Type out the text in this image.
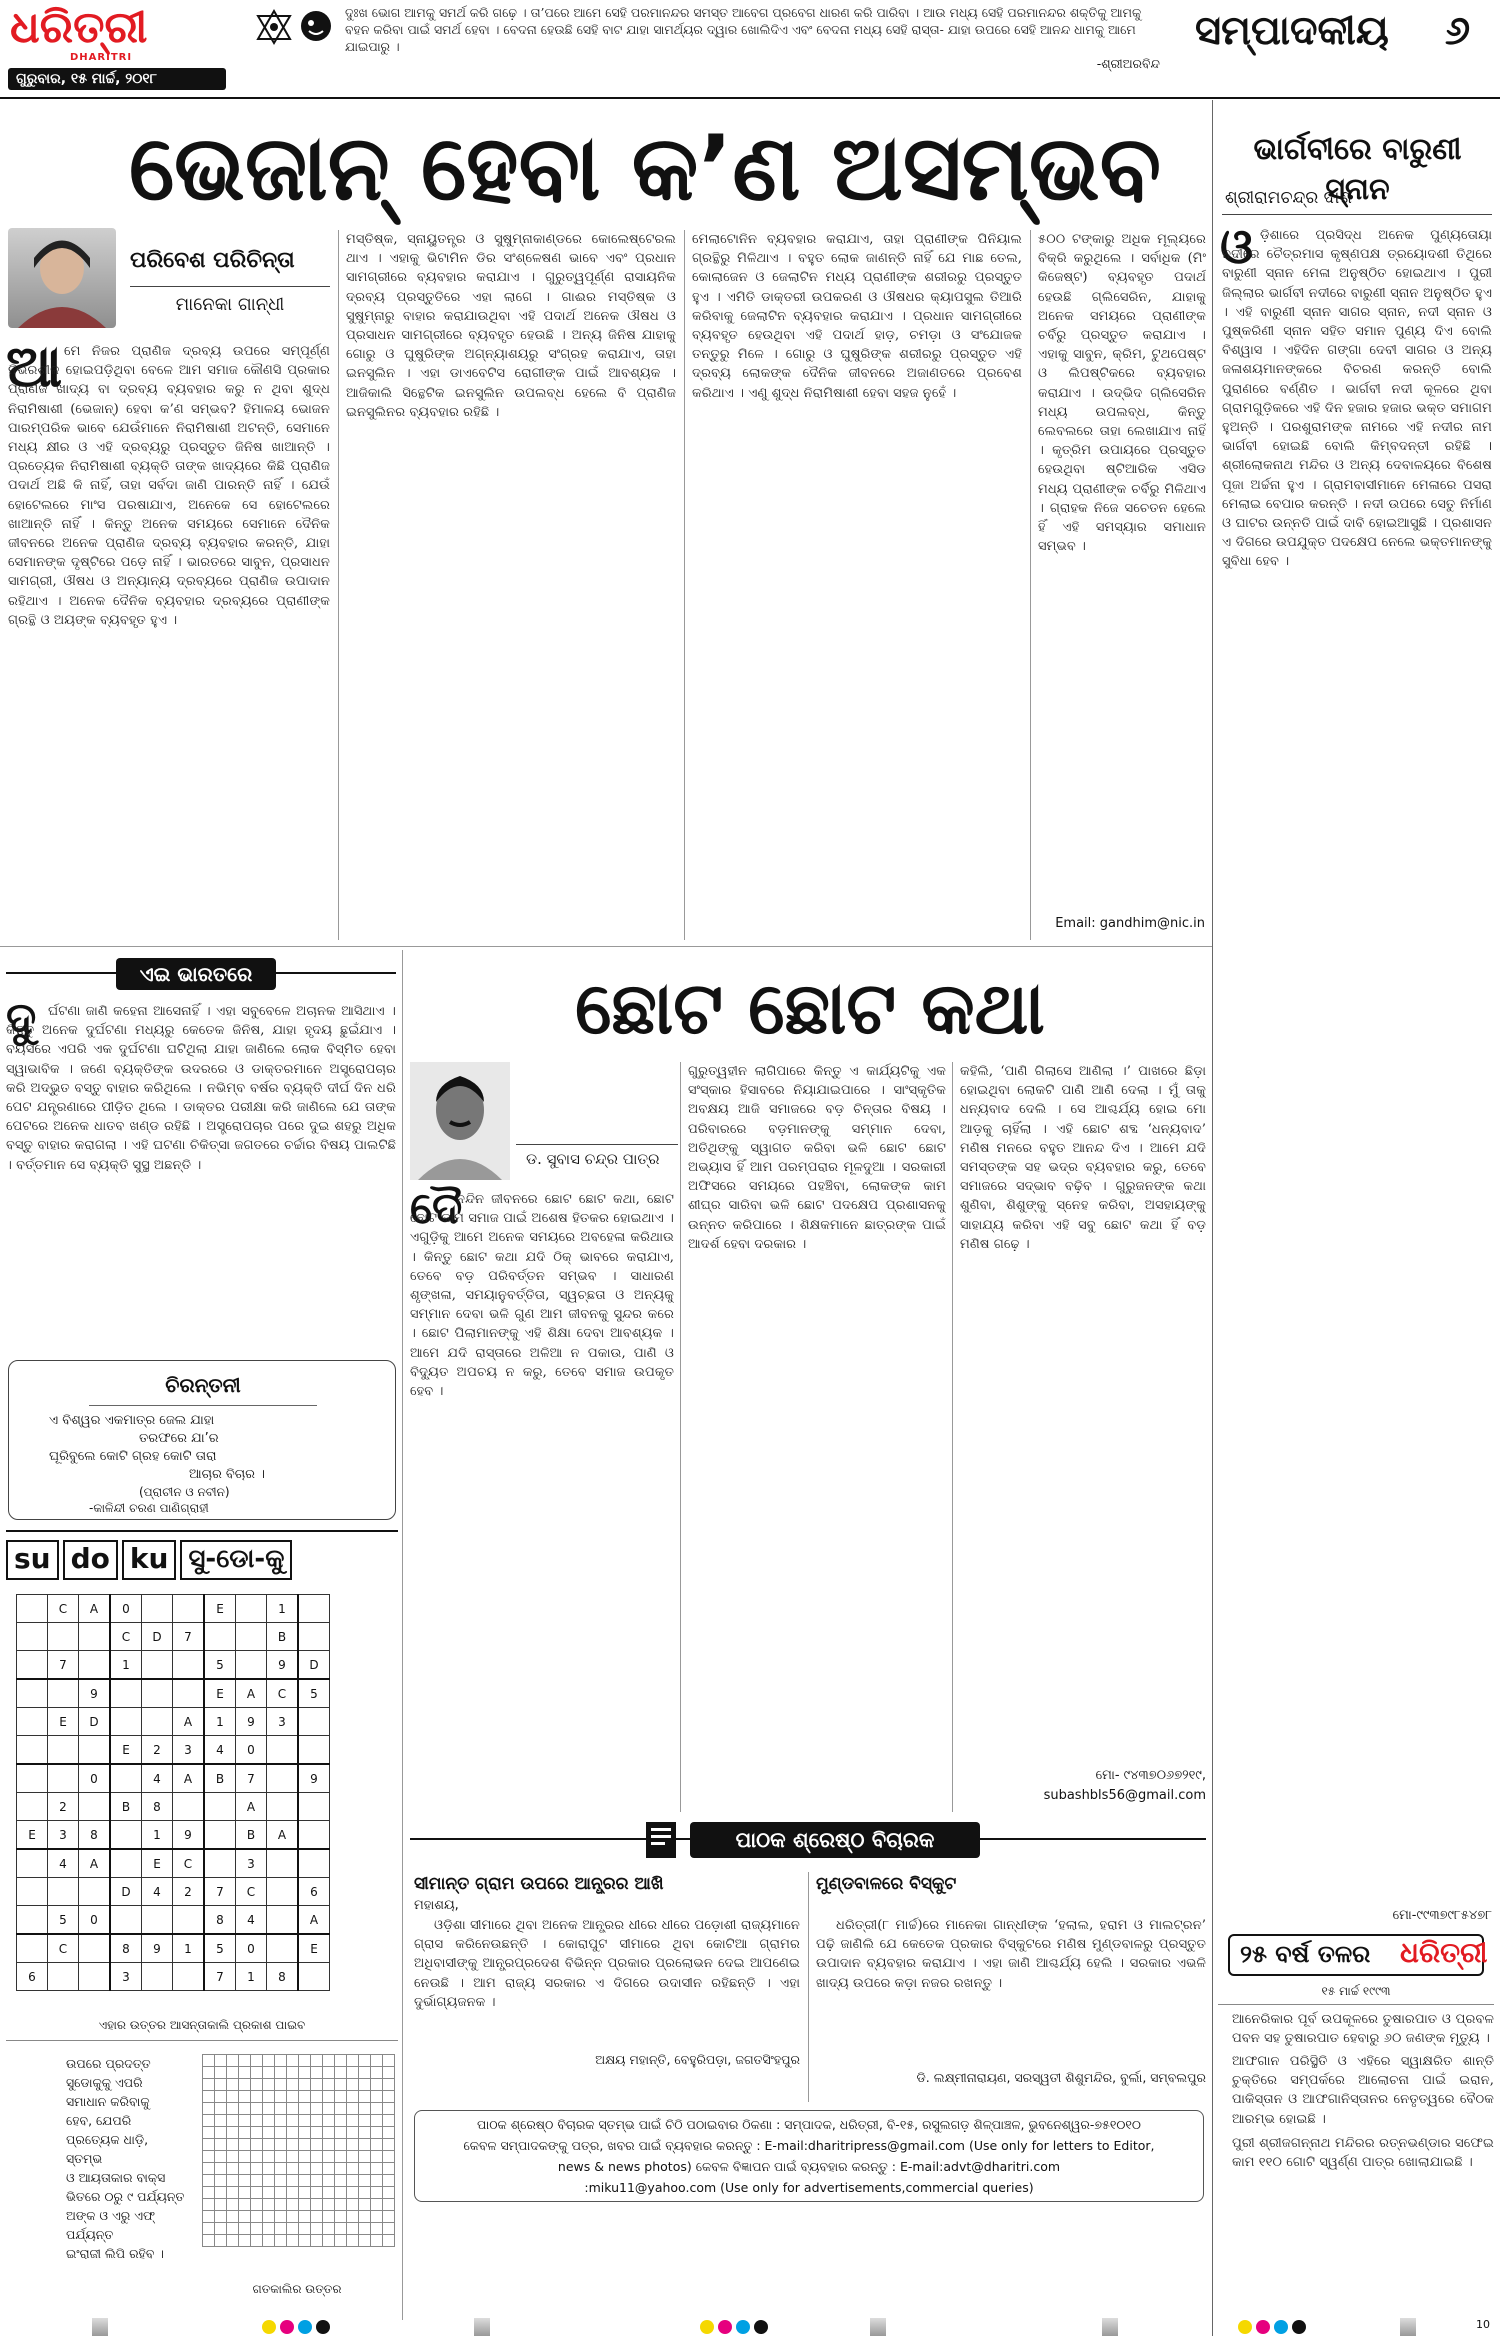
ଧରିତ୍ରୀ
DHARITRI
ଗୁରୁବାର, ୧୫ ମାର୍ଚ୍ଚ, ୨୦୧୮
ଦୁଃଖ ଭୋଗ ଆମକୁ ସମର୍ଥ କରି ଗଢ଼େ । ତା’ପରେ ଆମେ ସେହି ପରମାନନ୍ଦର ସମସ୍ତ ଆବେଗ ପ୍ରବେଗ ଧାରଣ କରି ପାରିବା । ଆଉ ମଧ୍ୟ ସେହି ପରମାନନ୍ଦର ଶକ୍ତିକୁ ଆମକୁ ବହନ କରିବା ପାଇଁ ସମର୍ଥ ହେବା । ବେଦନା ହେଉଛି ସେହି ବାଟ ଯାହା ସାମର୍ଥ୍ୟର ଦ୍ୱାର ଖୋଲିଦିଏ ଏବଂ ବେଦନା ମଧ୍ୟ ସେହି ରାସ୍ତା- ଯାହା ଉପରେ ସେହି ଆନନ୍ଦ ଧାମକୁ ଆମେ ଯାଇପାରୁ ।
-ଶ୍ରୀଅରବିନ୍ଦ
ସମ୍ପାଦକୀୟ ୬
ଭେଜାନ୍ ହେବା କ’ଣ ଅସମ୍ଭବ
ପରିବେଶ ପରିଚିନ୍ତା
ମାନେକା ଗାନ୍ଧୀ
ଆ ମେ ନିଜର ପ୍ରାଣିଜ ଦ୍ରବ୍ୟ ଉପରେ ସମ୍ପୂର୍ଣ୍ଣ ନିର୍ଭରଶୀଳ ହୋଇପଡ଼ିଥିବା ବେଳେ ଆମ ସମାଜ କୌଣସି ପ୍ରକାର ପ୍ରାଣିଜ ଖାଦ୍ୟ ବା ଦ୍ରବ୍ୟ ବ୍ୟବହାର କରୁ ନ ଥିବା ଶୁଦ୍ଧ ନିରାମିଷାଶୀ (ଭେଜାନ୍) ହେବା କ’ଣ ସମ୍ଭବ? ହିମାଳୟ ଭୋଜନ ପାରମ୍ପରିକ ଭାବେ ଯେଉଁମାନେ ନିରାମିଷାଶୀ ଅଟନ୍ତି, ସେମାନେ ମଧ୍ୟ କ୍ଷୀର ଓ ଏହି ଦ୍ରବ୍ୟରୁ ପ୍ରସ୍ତୁତ ଜିନିଷ ଖାଆନ୍ତି । ପ୍ରତ୍ୟେକ ନିରାମିଷାଶୀ ବ୍ୟକ୍ତି ତାଙ୍କ ଖାଦ୍ୟରେ କିଛି ପ୍ରାଣିଜ ପଦାର୍ଥ ଅଛି କି ନାହିଁ, ତାହା ସର୍ବଦା ଜାଣି ପାରନ୍ତି ନାହିଁ । ଯେଉଁ ହୋଟେଲରେ ମାଂସ ପରଷାଯାଏ, ଅନେକେ ସେ ହୋଟେଲରେ ଖାଆନ୍ତି ନାହିଁ । କିନ୍ତୁ ଅନେକ ସମୟରେ ସେମାନେ ଦୈନିକ ଜୀବନରେ ଅନେକ ପ୍ରାଣିଜ ଦ୍ରବ୍ୟ ବ୍ୟବହାର କରନ୍ତି, ଯାହା ସେମାନଙ୍କ ଦୃଷ୍ଟିରେ ପଡ଼େ ନାହିଁ । ଭାରତରେ ସାବୁନ, ପ୍ରସାଧନ ସାମଗ୍ରୀ, ଔଷଧ ଓ ଅନ୍ୟାନ୍ୟ ଦ୍ରବ୍ୟରେ ପ୍ରାଣିଜ ଉପାଦାନ ରହିଥାଏ । ଅନେକ ଦୈନିକ ବ୍ୟବହାର ଦ୍ରବ୍ୟରେ ପ୍ରାଣୀଙ୍କ ଗ୍ରନ୍ଥି ଓ ଅୟଙ୍କ ବ୍ୟବହୃତ ହୁଏ ।
ମସ୍ତିଷ୍କ, ସ୍ନାୟୁତନ୍ତ୍ର ଓ ସୁଷୁମ୍ନାକାଣ୍ଡରେ କୋଲେଷ୍ଟେରଲ ଥାଏ । ଏହାକୁ ଭିଟାମିନ ଡିର ସଂଶ୍ଳେଷଣ ଭାବେ ଏବଂ ପ୍ରଧାନ ସାମଗ୍ରୀରେ ବ୍ୟବହାର କରାଯାଏ । ଗୁରୁତ୍ୱପୂର୍ଣ୍ଣ ରାସାୟନିକ ଦ୍ରବ୍ୟ ପ୍ରସ୍ତୁତିରେ ଏହା ଲାଗେ । ଗାଈର ମସ୍ତିଷ୍କ ଓ ସୁଷୁମ୍ନାରୁ ବାହାର କରାଯାଉଥିବା ଏହି ପଦାର୍ଥ ଅନେକ ଔଷଧ ଓ ପ୍ରସାଧନ ସାମଗ୍ରୀରେ ବ୍ୟବହୃତ ହେଉଛି । ଅନ୍ୟ ଜିନିଷ ଯାହାକୁ ଗୋରୁ ଓ ଘୁଷୁରିଙ୍କ ଅଗ୍ନ୍ୟାଶୟରୁ ସଂଗ୍ରହ କରାଯାଏ, ତାହା ଇନସୁଲିନ । ଏହା ଡାଏବେଟିସ ରୋଗୀଙ୍କ ପାଇଁ ଆବଶ୍ୟକ । ଆଜିକାଲି ସିନ୍ଥେଟିକ ଇନସୁଲିନ ଉପଲବ୍ଧ ହେଲେ ବି ପ୍ରାଣିଜ ଇନସୁଲିନର ବ୍ୟବହାର ରହିଛି ।
ମେଲାଟୋନିନ ବ୍ୟବହାର କରାଯାଏ, ତାହା ପ୍ରାଣୀଙ୍କ ପିନିୟାଲ ଗ୍ରନ୍ଥିରୁ ମିଳିଥାଏ । ବହୁତ ଲୋକ ଜାଣନ୍ତି ନାହିଁ ଯେ ମାଛ ତେଲ, କୋଲାଜେନ ଓ ଜେଲାଟିନ ମଧ୍ୟ ପ୍ରାଣୀଙ୍କ ଶରୀରରୁ ପ୍ରସ୍ତୁତ ହୁଏ । ଏମିତି ଡାକ୍ତରୀ ଉପକରଣ ଓ ଔଷଧର କ୍ୟାପସୁଲ ତିଆରି କରିବାକୁ ଜେଲାଟିନ ବ୍ୟବହାର କରାଯାଏ । ପ୍ରଧାନ ସାମଗ୍ରୀରେ ବ୍ୟବହୃତ ହେଉଥିବା ଏହି ପଦାର୍ଥ ହାଡ଼, ଚମଡ଼ା ଓ ସଂଯୋଜକ ତନ୍ତୁରୁ ମିଳେ । ଗୋରୁ ଓ ଘୁଷୁରିଙ୍କ ଶରୀରରୁ ପ୍ରସ୍ତୁତ ଏହି ଦ୍ରବ୍ୟ ଲୋକଙ୍କ ଦୈନିକ ଜୀବନରେ ଅଜାଣତରେ ପ୍ରବେଶ କରିଥାଏ । ଏଣୁ ଶୁଦ୍ଧ ନିରାମିଷାଶୀ ହେବା ସହଜ ନୁହେଁ ।
୫୦୦ ଟଙ୍କାରୁ ଅଧିକ ମୂଲ୍ୟରେ ବିକ୍ରି କରୁଥିଲେ । ସର୍ବାଧିକ (ମିଂ କିଜେଷ୍ଟ) ବ୍ୟବହୃତ ପଦାର୍ଥ ହେଉଛି ଗ୍ଲିସେରିନ, ଯାହାକୁ ଅନେକ ସମୟରେ ପ୍ରାଣୀଙ୍କ ଚର୍ବିରୁ ପ୍ରସ୍ତୁତ କରାଯାଏ । ଏହାକୁ ସାବୁନ, କ୍ରିମ, ଟୁଥପେଷ୍ଟ ଓ ଲିପଷ୍ଟିକରେ ବ୍ୟବହାର କରାଯାଏ । ଉଦ୍ଭିଦ ଗ୍ଲିସେରିନ ମଧ୍ୟ ଉପଲବ୍ଧ, କିନ୍ତୁ ଲେବଲରେ ତାହା ଲେଖାଯାଏ ନାହିଁ । କୃତ୍ରିମ ଉପାୟରେ ପ୍ରସ୍ତୁତ ହେଉଥିବା ଷ୍ଟିଆରିକ ଏସିଡ ମଧ୍ୟ ପ୍ରାଣୀଙ୍କ ଚର୍ବିରୁ ମିଳିଥାଏ । ଗ୍ରାହକ ନିଜେ ସଚେତନ ହେଲେ ହିଁ ଏହି ସମସ୍ୟାର ସମାଧାନ ସମ୍ଭବ ।
Email: gandhim@nic.in
ଭାର୍ଗବୀରେ ବାରୁଣୀ ସ୍ନାନ
ଶ୍ରୀରାମଚନ୍ଦ୍ର ଦାଶ
ଓ ଡ଼ିଶାରେ ପ୍ରସିଦ୍ଧ ଅନେକ ପୁଣ୍ୟତୋୟା ନଦୀରେ ଚୈତ୍ରମାସ କୃଷ୍ଣପକ୍ଷ ତ୍ରୟୋଦଶୀ ତିଥିରେ ବାରୁଣୀ ସ୍ନାନ ମେଳା ଅନୁଷ୍ଠିତ ହୋଇଥାଏ । ପୁରୀ ଜିଲ୍ଲାର ଭାର୍ଗବୀ ନଦୀରେ ବାରୁଣୀ ସ୍ନାନ ଅନୁଷ୍ଠିତ ହୁଏ । ଏହି ବାରୁଣୀ ସ୍ନାନ ସାଗର ସ୍ନାନ, ନଦୀ ସ୍ନାନ ଓ ପୁଷ୍କରିଣୀ ସ୍ନାନ ସହିତ ସମାନ ପୁଣ୍ୟ ଦିଏ ବୋଲି ବିଶ୍ୱାସ । ଏହିଦିନ ଗଙ୍ଗା ଦେବୀ ସାଗର ଓ ଅନ୍ୟ ଜଳାଶୟମାନଙ୍କରେ ବିଚରଣ କରନ୍ତି ବୋଲି ପୁରାଣରେ ବର୍ଣ୍ଣିତ । ଭାର୍ଗବୀ ନଦୀ କୂଳରେ ଥିବା ଗ୍ରାମଗୁଡ଼ିକରେ ଏହି ଦିନ ହଜାର ହଜାର ଭକ୍ତ ସମାଗମ ହୁଅନ୍ତି । ପରଶୁରାମଙ୍କ ନାମରେ ଏହି ନଦୀର ନାମ ଭାର୍ଗବୀ ହୋଇଛି ବୋଲି କିମ୍ବଦନ୍ତୀ ରହିଛି । ଶ୍ରୀଲୋକନାଥ ମନ୍ଦିର ଓ ଅନ୍ୟ ଦେବାଳୟରେ ବିଶେଷ ପୂଜା ଅର୍ଚ୍ଚନା ହୁଏ । ଗ୍ରାମବାସୀମାନେ ମେଳାରେ ପସରା ମେଲାଇ ବେପାର କରନ୍ତି । ନଦୀ ଉପରେ ସେତୁ ନିର୍ମାଣ ଓ ଘାଟର ଉନ୍ନତି ପାଇଁ ଦାବି ହୋଇଆସୁଛି । ପ୍ରଶାସନ ଏ ଦିଗରେ ଉପଯୁକ୍ତ ପଦକ୍ଷେପ ନେଲେ ଭକ୍ତମାନଙ୍କୁ ସୁବିଧା ହେବ ।
ମୋ-୯୯୩୭୯୮୫୪୭୮
୨୫ ବର୍ଷ ତଳର ଧରିତ୍ରୀ
୧୫ ମାର୍ଚ୍ଚ ୧୯୯୩
ଆନେରିକାର ପୂର୍ବ ଉପକୂଳରେ ତୁଷାରପାତ ଓ ପ୍ରବଳ ପବନ ସହ ତୁଷାରପାତ ହେବାରୁ ୬୦ ଜଣଙ୍କ ମୃତ୍ୟୁ ।
ଆଫଗାନ ପରିସ୍ଥିତି ଓ ଏହିରେ ସ୍ୱାକ୍ଷରିତ ଶାନ୍ତି ଚୁକ୍ତିରେ ସମ୍ପର୍କରେ ଆଲୋଚନା ପାଇଁ ଇରାନ, ପାକିସ୍ତାନ ଓ ଆଫଗାନିସ୍ତାନର ନେତୃତ୍ୱରେ ବୈଠକ ଆରମ୍ଭ ହୋଇଛି ।
ପୁରୀ ଶ୍ରୀଜଗନ୍ନାଥ ମନ୍ଦିରର ରତ୍ନଭଣ୍ଡାର ସଫେଇ କାମ ୧୧୦ ଗୋଟି ସ୍ୱର୍ଣ୍ଣ ପାତ୍ର ଖୋଲାଯାଇଛି ।
ଏଇ ଭାରତରେ
ଦୁ ର୍ଘଟଣା ଜାଣି କହେନା ଆସେନାହିଁ । ଏହା ସବୁବେଳେ ଅଚାନକ ଆସିଥାଏ । କିନ୍ତୁ ଅନେକ ଦୁର୍ଘଟଣା ମଧ୍ୟରୁ କେତେକ ଜିନିଷ, ଯାହା ହୃଦୟ ଛୁଇଁଯାଏ । ବୟସରେ ଏପରି ଏକ ଦୁର୍ଘଟଣା ଘଟିଥିଲା ଯାହା ଜାଣିଲେ ଲୋକ ବିସ୍ମିତ ହେବା ସ୍ୱାଭାବିକ । ଜଣେ ବ୍ୟକ୍ତିଙ୍କ ଉଦରରେ ଓ ଡାକ୍ତରମାନେ ଅସ୍ତ୍ରୋପଚାର କରି ଅଦ୍ଭୁତ ବସ୍ତୁ ବାହାର କରିଥିଲେ । ନଭିମ୍ବ ବର୍ଷର ବ୍ୟକ୍ତି ଦୀର୍ଘ ଦିନ ଧରି ପେଟ ଯନ୍ତ୍ରଣାରେ ପୀଡ଼ିତ ଥିଲେ । ଡାକ୍ତର ପରୀକ୍ଷା କରି ଜାଣିଲେ ଯେ ତାଙ୍କ ପେଟରେ ଅନେକ ଧାତବ ଖଣ୍ଡ ରହିଛି । ଅସ୍ତ୍ରୋପଚାର ପରେ ଦୁଇ ଶହରୁ ଅଧିକ ବସ୍ତୁ ବାହାର କରାଗଲା । ଏହି ଘଟଣା ଚିକିତ୍ସା ଜଗତରେ ଚର୍ଚ୍ଚାର ବିଷୟ ପାଲଟିଛି । ବର୍ତ୍ତମାନ ସେ ବ୍ୟକ୍ତି ସୁସ୍ଥ ଅଛନ୍ତି ।
ଚିରନ୍ତନୀ
ଏ ବିଶ୍ୱର ଏକମାତ୍ର ଜେଲ ଯାହା
ତରଫରେ ଯା’ର
ଘୂରିବୁଲେ କୋଟି ଗ୍ରହ କୋଟି ତାରା
ଆଚାର ବିଚାର ।
(ପ୍ରାଚୀନ ଓ ନବୀନ)
-କାଳିନ୍ଦୀ ଚରଣ ପାଣିଗ୍ରାହୀ
su do ku ସୁ-ଡୋ-କୁ
	C	A	0			E		1	
			C	D	7			B	
	7		1			5		9	D
		9				E	A	C	5
	E	D			A	1	9	3	
			E	2	3	4	0		
		0		4	A	B	7		9
	2		B	8			A		
E	3	8		1	9		B	A	
	4	A		E	C		3		
			D	4	2	7	C		6
	5	0				8	4		A
	C		8	9	1	5	0		E
6			3			7	1	8	
ଏହାର ଉତ୍ତର ଆସନ୍ତାକାଲି ପ୍ରକାଶ ପାଇବ
ଉପରେ ପ୍ରଦତ୍ତ
ସୁଡୋକୁକୁ ଏପରି
ସମାଧାନ କରିବାକୁ
ହେବ, ଯେପରି
ପ୍ରତ୍ୟେକ ଧାଡ଼ି, ସ୍ତମ୍ଭ
ଓ ଆୟତାକାର ବାକ୍ସ
ଭିତରେ ୦ରୁ ୯ ପର୍ଯ୍ୟନ୍ତ
ଅଙ୍କ ଓ ଏରୁ ଏଫ୍ ପର୍ଯ୍ୟନ୍ତ
ଇଂରାଜୀ ଲିପି ରହିବ ।

ଗତକାଲିର ଉତ୍ତର
ଛୋଟ ଛୋଟ କଥା
ଡ. ସୁବାସ ଚନ୍ଦ୍ର ପାତ୍ର
ଦୈ
ନନ୍ଦିନ ଜୀବନରେ ଛୋଟ ଛୋଟ କଥା, ଛୋଟ ଛୋଟ କାମ ସମାଜ ପାଇଁ ଅଶେଷ ହିତକର ହୋଇଥାଏ । ଏଗୁଡ଼ିକୁ ଆମେ ଅନେକ ସମୟରେ ଅବହେଳା କରିଥାଉ । କିନ୍ତୁ ଛୋଟ କଥା ଯଦି ଠିକ୍ ଭାବରେ କରାଯାଏ, ତେବେ ବଡ଼ ପରିବର୍ତ୍ତନ ସମ୍ଭବ । ସାଧାରଣ ଶୃଙ୍ଖଳା, ସମୟାନୁବର୍ତ୍ତିତା, ସ୍ୱଚ୍ଛତା ଓ ଅନ୍ୟକୁ ସମ୍ମାନ ଦେବା ଭଳି ଗୁଣ ଆମ ଜୀବନକୁ ସୁନ୍ଦର କରେ । ଛୋଟ ପିଲାମାନଙ୍କୁ ଏହି ଶିକ୍ଷା ଦେବା ଆବଶ୍ୟକ । ଆମେ ଯଦି ରାସ୍ତାରେ ଅଳିଆ ନ ପକାଉ, ପାଣି ଓ ବିଦ୍ୟୁତ ଅପଚୟ ନ କରୁ, ତେବେ ସମାଜ ଉପକୃତ ହେବ ।
ଗୁରୁତ୍ୱହୀନ ଲାଗିପାରେ କିନ୍ତୁ ଏ କାର୍ଯ୍ୟଟିକୁ ଏକ ସଂସ୍କାର ହିସାବରେ ନିୟାଯାଇପାରେ । ସାଂସ୍କୃତିକ ଅବକ୍ଷୟ ଆଜି ସମାଜରେ ବଡ଼ ଚିନ୍ତାର ବିଷୟ । ପରିବାରରେ ବଡ଼ମାନଙ୍କୁ ସମ୍ମାନ ଦେବା, ଅତିଥିଙ୍କୁ ସ୍ୱାଗତ କରିବା ଭଳି ଛୋଟ ଛୋଟ ଅଭ୍ୟାସ ହିଁ ଆମ ପରମ୍ପରାର ମୂଳଦୁଆ । ସରକାରୀ ଅଫିସରେ ସମୟରେ ପହଞ୍ଚିବା, ଲୋକଙ୍କ କାମ ଶୀଘ୍ର ସାରିବା ଭଳି ଛୋଟ ପଦକ୍ଷେପ ପ୍ରଶାସନକୁ ଉନ୍ନତ କରିପାରେ । ଶିକ୍ଷକମାନେ ଛାତ୍ରଙ୍କ ପାଇଁ ଆଦର୍ଶ ହେବା ଦରକାର ।
କହିଲି, ‘ପାଣି ଗିଲାସେ ଆଣିଲା ।’ ପାଖରେ ଛିଡ଼ା ହୋଇଥିବା ଲୋକଟି ପାଣି ଆଣି ଦେଲା । ମୁଁ ତାକୁ ଧନ୍ୟବାଦ ଦେଲି । ସେ ଆଶ୍ଚର୍ଯ୍ୟ ହୋଇ ମୋ ଆଡ଼କୁ ଚାହିଁଲା । ଏହି ଛୋଟ ଶବ୍ଦ ‘ଧନ୍ୟବାଦ’ ମଣିଷ ମନରେ ବହୁତ ଆନନ୍ଦ ଦିଏ । ଆମେ ଯଦି ସମସ୍ତଙ୍କ ସହ ଭଦ୍ର ବ୍ୟବହାର କରୁ, ତେବେ ସମାଜରେ ସଦ୍ଭାବ ବଢ଼ିବ । ଗୁରୁଜନଙ୍କ କଥା ଶୁଣିବା, ଶିଶୁଙ୍କୁ ସ୍ନେହ କରିବା, ଅସହାୟଙ୍କୁ ସାହାଯ୍ୟ କରିବା ଏହି ସବୁ ଛୋଟ କଥା ହିଁ ବଡ଼ ମଣିଷ ଗଢ଼େ ।
ମୋ- ୯୪୩୭୦୬୭୨୧୯,
subashbls56@gmail.com
ପାଠକ ଶ୍ରେଷ୍ଠ ବିଚାରକ
ସୀମାନ୍ତ ଗ୍ରାମ ଉପରେ ଆନ୍ଧ୍ରର ଆଖି
ମହାଶୟ,
ଓଡ଼ିଶା ସୀମାରେ ଥିବା ଅନେକ ଆନ୍ଧ୍ରର ଧୀରେ ଧୀରେ ପଡ଼ୋଶୀ ରାଜ୍ୟମାନେ ଗ୍ରାସ କରିନେଉଛନ୍ତି । କୋରାପୁଟ ସୀମାରେ ଥିବା କୋଟିଆ ଗ୍ରାମର ଅଧିବାସୀଙ୍କୁ ଆନ୍ଧ୍ରପ୍ରଦେଶ ବିଭିନ୍ନ ପ୍ରକାର ପ୍ରଲୋଭନ ଦେଇ ଆପଣେଇ ନେଉଛି । ଆମ ରାଜ୍ୟ ସରକାର ଏ ଦିଗରେ ଉଦାସୀନ ରହିଛନ୍ତି । ଏହା ଦୁର୍ଭାଗ୍ୟଜନକ ।
ଅକ୍ଷୟ ମହାନ୍ତି, ବେହୁରିପଡ଼ା, ଜଗତସିଂହପୁର
ମୁଣ୍ଡବାଳରେ ବିସ୍କୁଟ
ଧରିତ୍ରୀ(୮ ମାର୍ଚ୍ଚ)ରେ ମାନେକା ଗାନ୍ଧୀଙ୍କ ‘ହଲାଲ, ହରାମ ଓ ମାଲଟ୍ରନ’ ପଢ଼ି ଜାଣିଲି ଯେ କେତେକ ପ୍ରକାର ବିସ୍କୁଟରେ ମଣିଷ ମୁଣ୍ଡବାଳରୁ ପ୍ରସ୍ତୁତ ଉପାଦାନ ବ୍ୟବହାର କରାଯାଏ । ଏହା ଜାଣି ଆଶ୍ଚର୍ଯ୍ୟ ହେଲି । ସରକାର ଏଭଳି ଖାଦ୍ୟ ଉପରେ କଡ଼ା ନଜର ରଖନ୍ତୁ ।
ଡି. ଲକ୍ଷ୍ମୀନାରାୟଣ, ସରସ୍ୱତୀ ଶିଶୁମନ୍ଦିର, ବୁର୍ଲା, ସମ୍ବଲପୁର
ପାଠକ ଶ୍ରେଷ୍ଠ ବିଚାରକ ସ୍ତମ୍ଭ ପାଇଁ ଚିଠି ପଠାଇବାର ଠିକଣା : ସମ୍ପାଦକ, ଧରିତ୍ରୀ, ବି-୧୫, ରସୁଲଗଡ଼ ଶିଳ୍ପାଞ୍ଚଳ, ଭୁବନେଶ୍ୱର-୭୫୧୦୧୦
କେବଳ ସମ୍ପାଦକଙ୍କୁ ପତ୍ର, ଖବର ପାଇଁ ବ୍ୟବହାର କରନ୍ତୁ : E-mail:dharitripress@gmail.com (Use only for letters to Editor,
news & news photos) କେବଳ ବିଜ୍ଞାପନ ପାଇଁ ବ୍ୟବହାର କରନ୍ତୁ : E-mail:advt@dharitri.com
:miku11@yahoo.com (Use only for advertisements,commercial queries)
10
